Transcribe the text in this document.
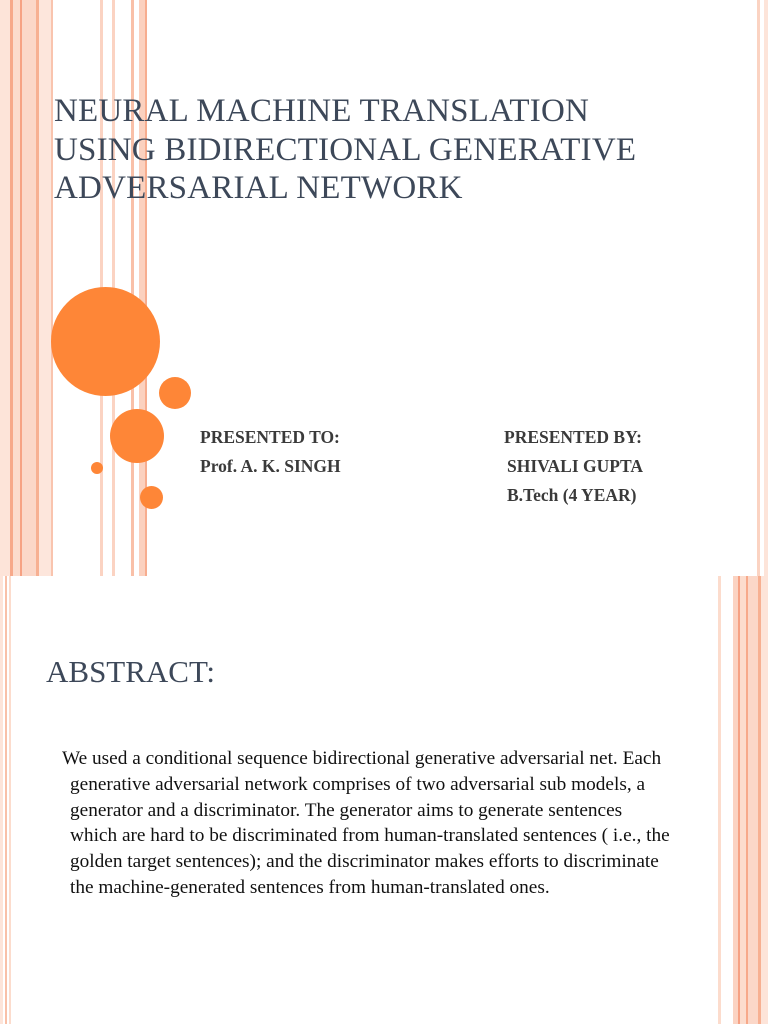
NEURAL MACHINE TRANSLATION USING BIDIRECTIONAL GENERATIVE ADVERSARIAL NETWORK

PRESENTED TO:

Prof. A. K. SINGH

PRESENTED BY:

SHIVALI GUPTA

B.Tech (4 YEAR)

ABSTRACT:

We used a conditional sequence bidirectional generative adversarial net. Each generative adversarial network comprises of two adversarial sub models, a generator and a discriminator. The generator aims to generate sentences which are hard to be discriminated from human-translated sentences ( i.e., the golden target sentences); and the discriminator makes efforts to discriminate the machine-generated sentences from human-translated ones.
